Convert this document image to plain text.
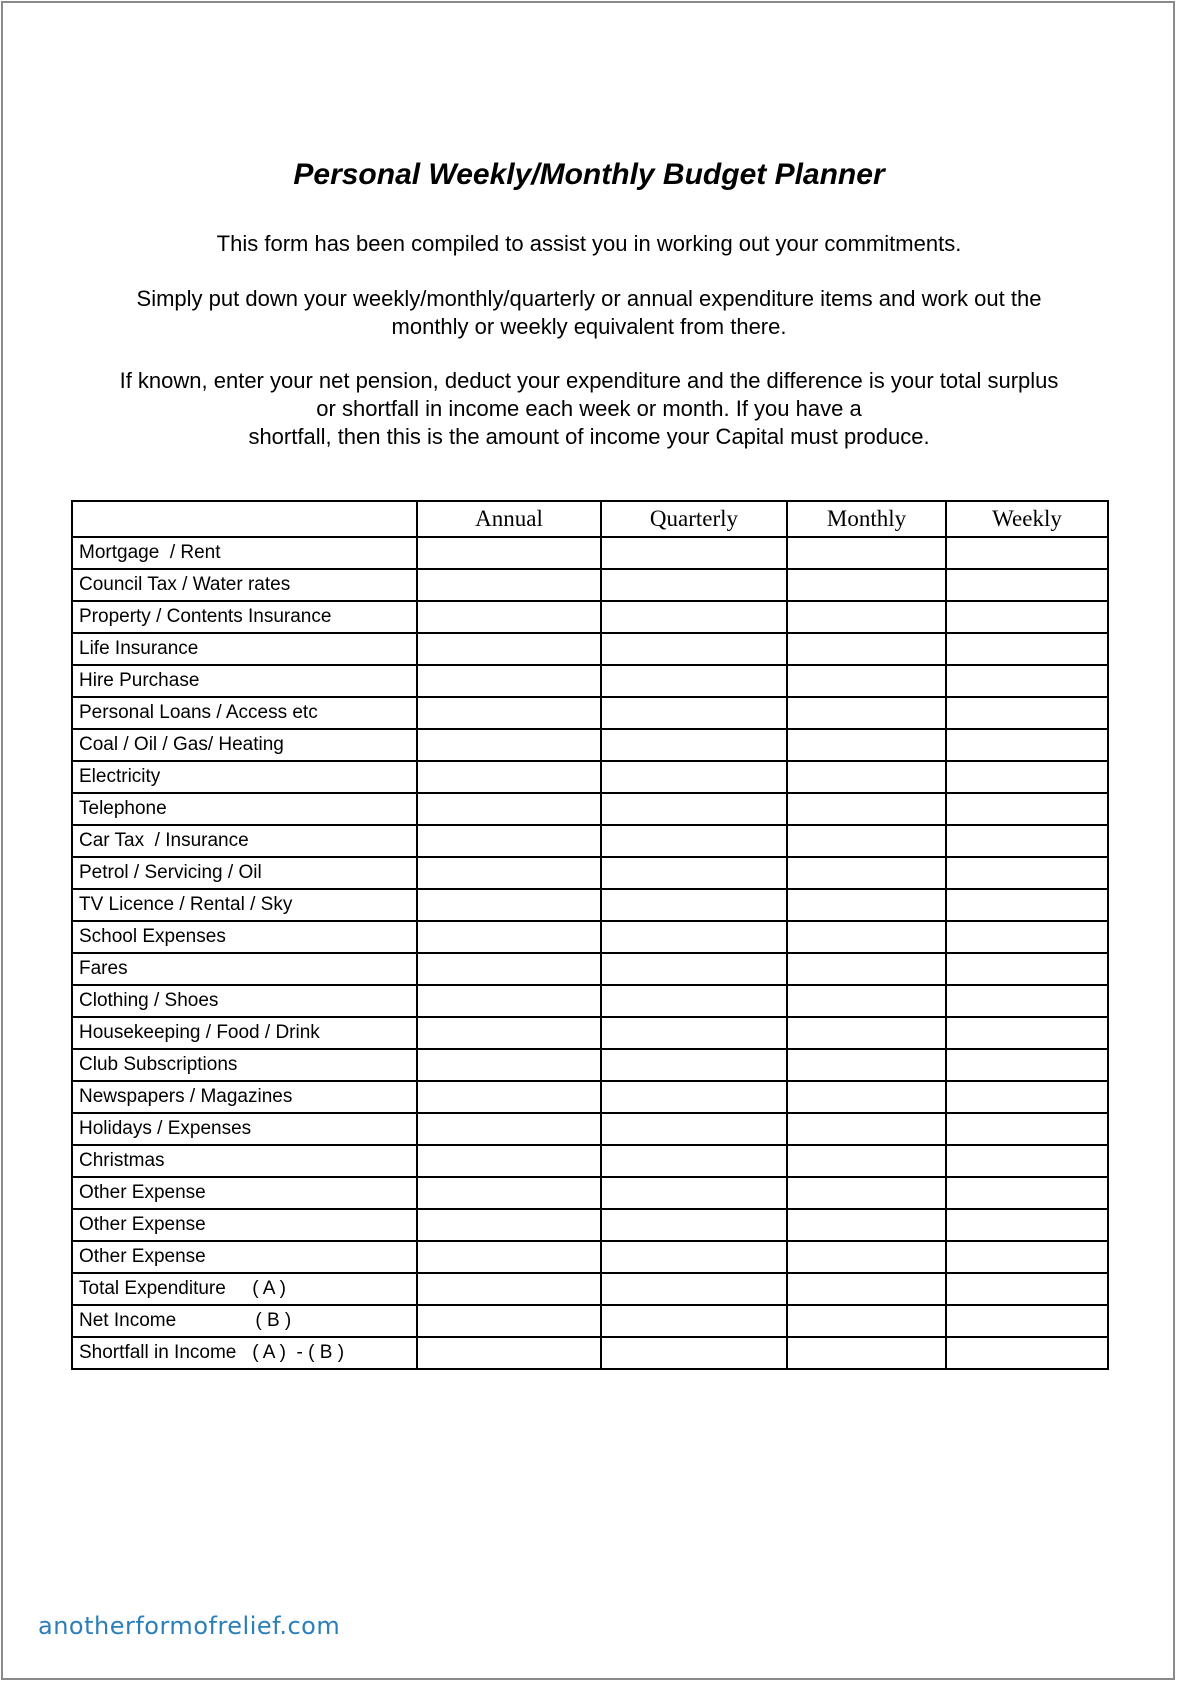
Personal Weekly/Monthly Budget Planner

This form has been compiled to assist you in working out your commitments.

Simply put down your weekly/monthly/quarterly or annual expenditure items and work out the
monthly or weekly equivalent from there.

If known, enter your net pension, deduct your expenditure and the difference is your total surplus
or shortfall in income each week or month. If you have a
shortfall, then this is the amount of income your Capital must produce.

	Annual	Quarterly	Monthly	Weekly
Mortgage  / Rent				
Council Tax / Water rates				
Property / Contents Insurance				
Life Insurance				
Hire Purchase				
Personal Loans / Access etc				
Coal / Oil / Gas/ Heating				
Electricity				
Telephone				
Car Tax  / Insurance				
Petrol / Servicing / Oil				
TV Licence / Rental / Sky				
School Expenses				
Fares				
Clothing / Shoes				
Housekeeping / Food / Drink				
Club Subscriptions				
Newspapers / Magazines				
Holidays / Expenses				
Christmas				
Other Expense				
Other Expense				
Other Expense				
Total Expenditure     ( A )				
Net Income               ( B )				
Shortfall in Income   ( A )  - ( B )				
anotherformofrelief.com
